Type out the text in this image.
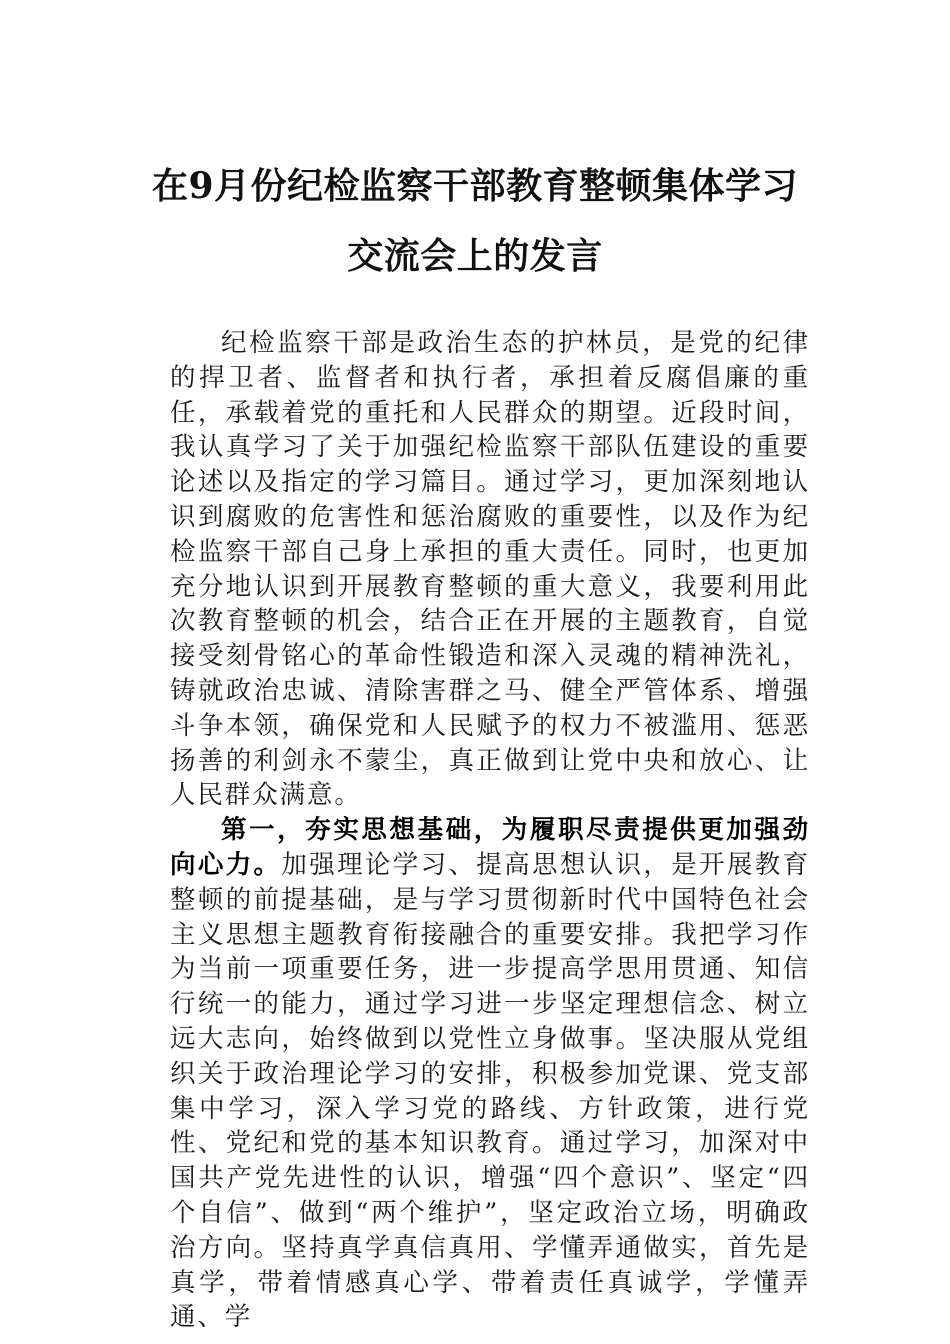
在9月份纪检监察干部教育整顿集体学习
交流会上的发言

纪检监察干部是政治生态的护林员，是党的纪律的捍卫者、监督者和执行者，承担着反腐倡廉的重任，承载着党的重托和人民群众的期望。近段时间，我认真学习了关于加强纪检监察干部队伍建设的重要论述以及指定的学习篇目。通过学习，更加深刻地认识到腐败的危害性和惩治腐败的重要性，以及作为纪检监察干部自己身上承担的重大责任。同时，也更加充分地认识到开展教育整顿的重大意义，我要利用此次教育整顿的机会，结合正在开展的主题教育，自觉接受刻骨铭心的革命性锻造和深入灵魂的精神洗礼，铸就政治忠诚、清除害群之马、健全严管体系、增强斗争本领，确保党和人民赋予的权力不被滥用、惩恶扬善的利剑永不蒙尘，真正做到让党中央和放心、让人民群众满意。

第一，夯实思想基础，为履职尽责提供更加强劲向心力。加强理论学习、提高思想认识，是开展教育整顿的前提基础，是与学习贯彻新时代中国特色社会主义思想主题教育衔接融合的重要安排。我把学习作为当前一项重要任务，进一步提高学思用贯通、知信行统一的能力，通过学习进一步坚定理想信念、树立远大志向，始终做到以党性立身做事。坚决服从党组织关于政治理论学习的安排，积极参加党课、党支部集中学习，深入学习党的路线、方针政策，进行党性、党纪和党的基本知识教育。通过学习，加深对中国共产党先进性的认识，增强“四个意识”、坚定“四个自信”、做到“两个维护”，坚定政治立场，明确政治方向。坚持真学真信真用、学懂弄通做实，首先是真学，带着情感真心学、带着责任真诚学，学懂弄通、学
